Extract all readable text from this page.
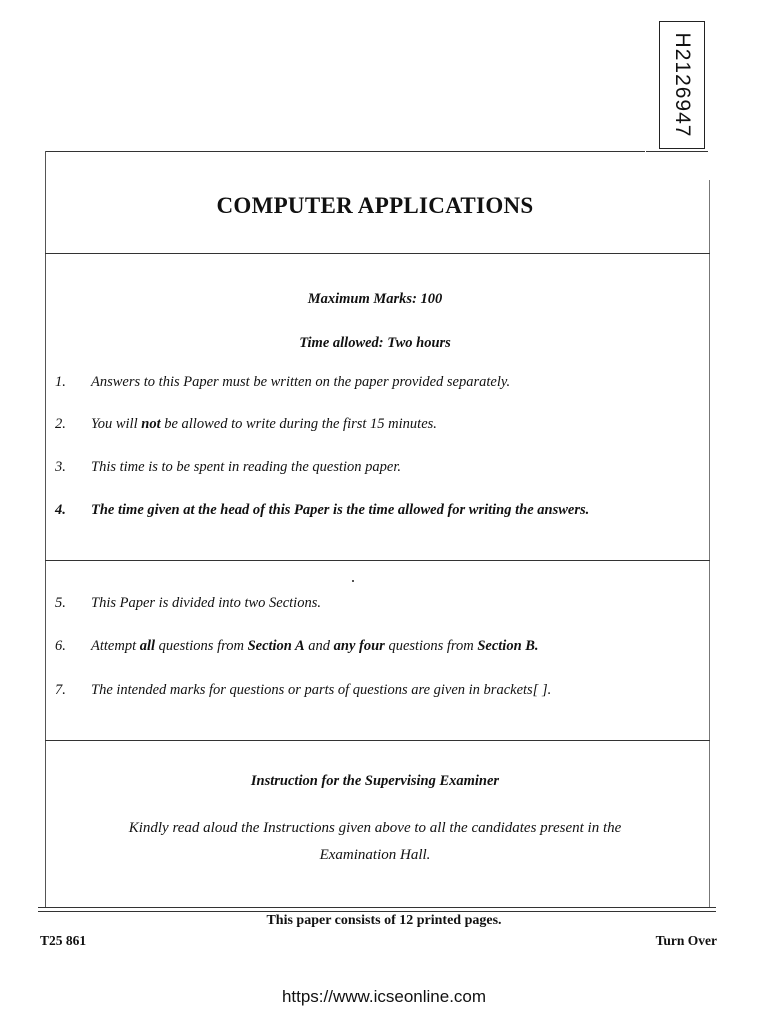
H2126947
COMPUTER APPLICATIONS
Maximum Marks: 100
Time allowed: Two hours
1. Answers to this Paper must be written on the paper provided separately.
2. You will not be allowed to write during the first 15 minutes.
3. This time is to be spent in reading the question paper.
4. The time given at the head of this Paper is the time allowed for writing the answers.
5. This Paper is divided into two Sections.
6. Attempt all questions from Section A and any four questions from Section B.
7. The intended marks for questions or parts of questions are given in brackets[ ].
Instruction for the Supervising Examiner
Kindly read aloud the Instructions given above to all the candidates present in the
Examination Hall.
This paper consists of 12 printed pages.
T25 861	Turn Over
https://www.icseonline.com
